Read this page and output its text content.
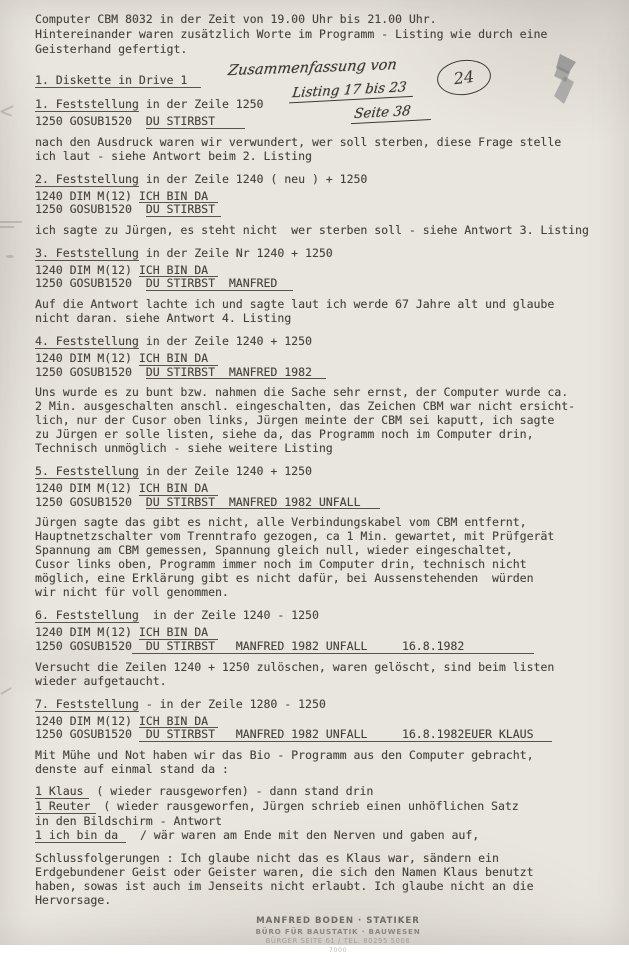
Computer CBM 8032 in der Zeit von 19.00 Uhr bis 21.00 Uhr.
Hintereinander waren zusätzlich Worte im Programm - Listing wie durch eine
Geisterhand gefertigt.
1. Diskette in Drive 1
1. Feststellung in der Zeile 1250
1250 GOSUB1520  DU STIRBST
nach den Ausdruck waren wir verwundert, wer soll sterben, diese Frage stelle
ich laut - siehe Antwort beim 2. Listing
2. Feststellung in der Zeile 1240 ( neu ) + 1250
1240 DIM M(12) ICH BIN DA
1250 GOSUB1520  DU STIRBST
ich sagte zu Jürgen, es steht nicht  wer sterben soll - siehe Antwort 3. Listing
3. Feststellung in der Zeile Nr 1240 + 1250
1240 DIM M(12) ICH BIN DA
1250 GOSUB1520  DU STIRBST  MANFRED
Auf die Antwort lachte ich und sagte laut ich werde 67 Jahre alt und glaube
nicht daran. siehe Antwort 4. Listing
4. Feststellung in der Zeile 1240 + 1250
1240 DIM M(12) ICH BIN DA
1250 GOSUB1520  DU STIRBST  MANFRED 1982
Uns wurde es zu bunt bzw. nahmen die Sache sehr ernst, der Computer wurde ca.
2 Min. ausgeschalten anschl. eingeschalten, das Zeichen CBM war nicht ersicht-
lich, nur der Cusor oben links, Jürgen meinte der CBM sei kaputt, ich sagte
zu Jürgen er solle listen, siehe da, das Programm noch im Computer drin,
Technisch unmöglich - siehe weitere Listing
5. Feststellung in der Zeile 1240 + 1250
1240 DIM M(12) ICH BIN DA
1250 GOSUB1520  DU STIRBST  MANFRED 1982 UNFALL
Jürgen sagte das gibt es nicht, alle Verbindungskabel vom CBM entfernt,
Hauptnetzschalter vom Trenntrafo gezogen, ca 1 Min. gewartet, mit Prüfgerät
Spannung am CBM gemessen, Spannung gleich null, wieder eingeschaltet,
Cusor links oben, Programm immer noch im Computer drin, technisch nicht
möglich, eine Erklärung gibt es nicht dafür, bei Aussenstehenden  würden
wir nicht für voll genommen.
6. Feststellung  in der Zeile 1240 - 1250
1240 DIM M(12) ICH BIN DA
1250 GOSUB1520  DU STIRBST   MANFRED 1982 UNFALL     16.8.1982
Versucht die Zeilen 1240 + 1250 zulöschen, waren gelöscht, sind beim listen
wieder aufgetaucht.
7. Feststellung - in der Zeile 1280 - 1250
1240 DIM M(12) ICH BIN DA
1250 GOSUB1520  DU STIRBST   MANFRED 1982 UNFALL     16.8.1982EUER KLAUS
Mit Mühe und Not haben wir das Bio - Programm aus den Computer gebracht,
denste auf einmal stand da :
1 Klaus ( wieder rausgeworfen) - dann stand drin
1 Reuter ( wieder rausgeworfen, Jürgen schrieb einen unhöflichen Satz
in den Bildschirm - Antwort
1 ich bin da  / wär waren am Ende mit den Nerven und gaben auf,
Schlussfolgerungen : Ich glaube nicht das es Klaus war, sändern ein
Erdgebundener Geist oder Geister waren, die sich den Namen Klaus benutzt
haben, sowas ist auch im Jenseits nicht erlaubt. Ich glaube nicht an die
Hervorsage.
MANFRED BODEN · STATIKER
BÜRO FÜR BAUSTATIK · BAUWESEN
BÜRGER SEITE 61 / TEL. 80295 5008
7000
Zusammenfassung von
Listing 17 bis 23
Seite 38
24
